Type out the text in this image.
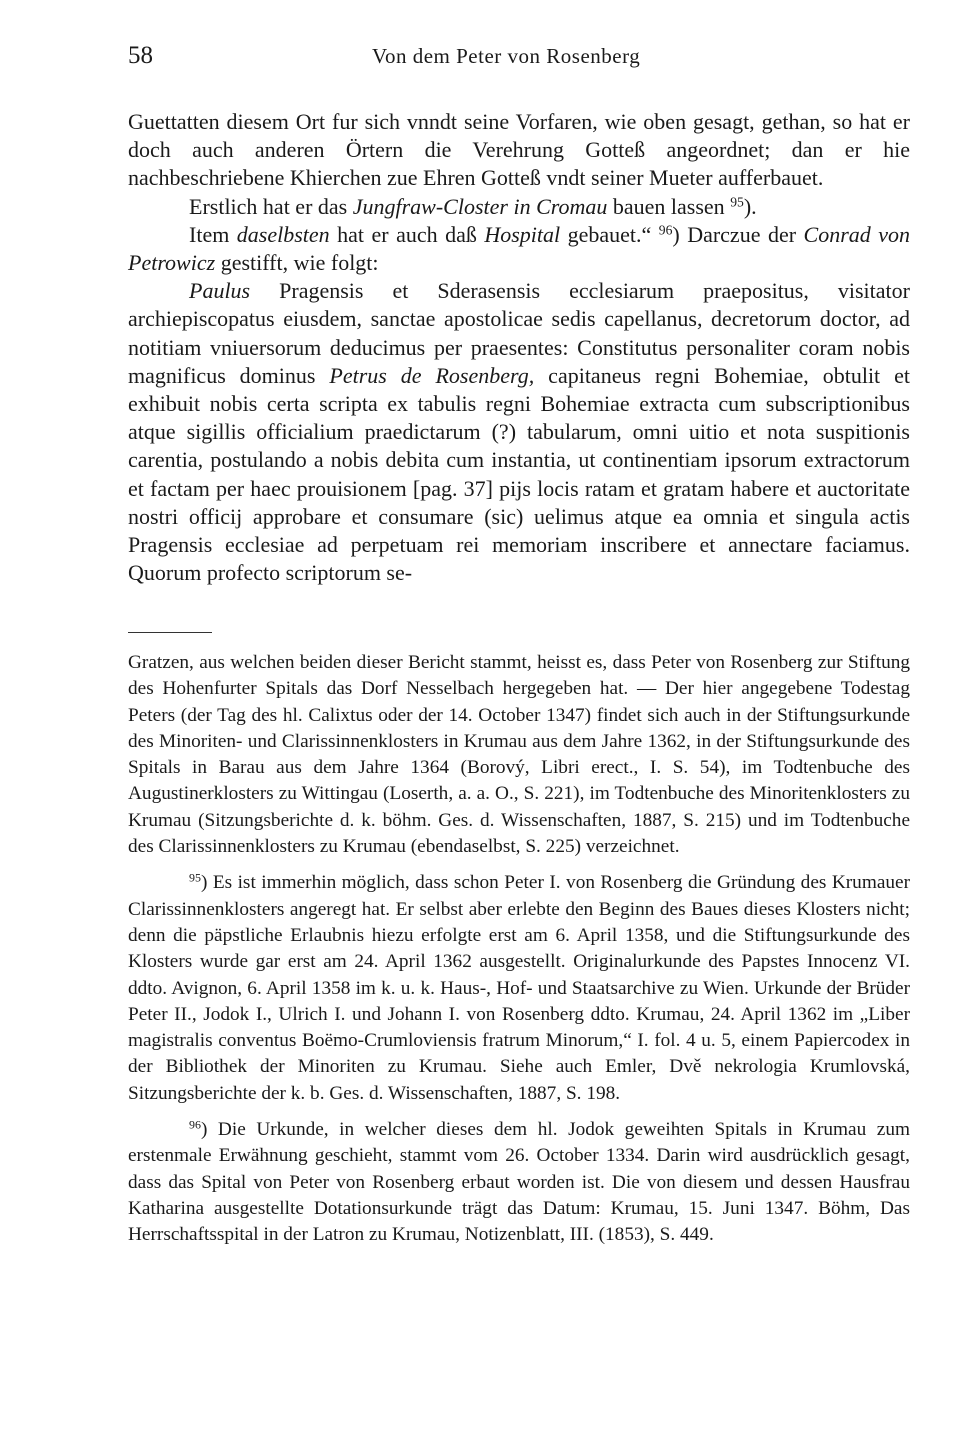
58	Von dem Peter von Rosenberg

Guettatten diesem Ort fur sich vnndt seine Vorfaren, wie oben gesagt, gethan, so hat er doch auch anderen Örtern die Verehrung Gotteß angeordnet; dan er hie nachbeschriebene Khierchen zue Ehren Gotteß vndt seiner Mueter aufferbauet.

Erstlich hat er das Jungfraw-Closter in Cromau bauen lassen $^{95}$).

Item daselbsten hat er auch daß Hospital gebauet.“ $^{96}$) Darczue der Conrad von Petrowicz gestifft, wie folgt:

Paulus Pragensis et Sderasensis ecclesiarum praepositus, visitator archiepiscopatus eiusdem, sanctae apostolicae sedis capellanus, decretorum doctor, ad notitiam vniuersorum deducimus per praesentes: Constitutus personaliter coram nobis magnificus dominus Petrus de Rosenberg, capitaneus regni Bohemiae, obtulit et exhibuit nobis certa scripta ex tabulis regni Bohemiae extracta cum subscriptionibus atque sigillis officialium praedictarum (?) tabularum, omni uitio et nota suspitionis carentia, postulando a nobis debita cum instantia, ut continentiam ipsorum extractorum et factam per haec prouisionem [pag. 37] pijs locis ratam et gratam habere et auctoritate nostri officij approbare et consumare (sic) uelimus atque ea omnia et singula actis Pragensis ecclesiae ad perpetuam rei memoriam inscribere et annectare faciamus. Quorum profecto scriptorum se-

Gratzen, aus welchen beiden dieser Bericht stammt, heisst es, dass Peter von Rosenberg zur Stiftung des Hohenfurter Spitals das Dorf Nesselbach hergegeben hat. — Der hier angegebene Todestag Peters (der Tag des hl. Calixtus oder der 14. October 1347) findet sich auch in der Stiftungsurkunde des Minoriten- und Clarissinnenklosters in Krumau aus dem Jahre 1362, in der Stiftungsurkunde des Spitals in Barau aus dem Jahre 1364 (Borový, Libri erect., I. S. 54), im Todtenbuche des Augustinerklosters zu Wittingau (Loserth, a. a. O., S. 221), im Todtenbuche des Minoritenklosters zu Krumau (Sitzungsberichte d. k. böhm. Ges. d. Wissenschaften, 1887, S. 215) und im Todtenbuche des Clarissinnenklosters zu Krumau (ebendaselbst, S. 225) verzeichnet.

$^{95}$) Es ist immerhin möglich, dass schon Peter I. von Rosenberg die Gründung des Krumauer Clarissinnenklosters angeregt hat. Er selbst aber erlebte den Beginn des Baues dieses Klosters nicht; denn die päpstliche Erlaubnis hiezu erfolgte erst am 6. April 1358, und die Stiftungsurkunde des Klosters wurde gar erst am 24. April 1362 ausgestellt. Originalurkunde des Papstes Innocenz VI. ddto. Avignon, 6. April 1358 im k. u. k. Haus-, Hof- und Staatsarchive zu Wien. Urkunde der Brüder Peter II., Jodok I., Ulrich I. und Johann I. von Rosenberg ddto. Krumau, 24. April 1362 im „Liber magistralis conventus Boëmo-Crumloviensis fratrum Minorum,“ I. fol. 4 u. 5, einem Papiercodex in der Bibliothek der Minoriten zu Krumau. Siehe auch Emler, Dvě nekrologia Krumlovská, Sitzungsberichte der k. b. Ges. d. Wissenschaften, 1887, S. 198.

$^{96}$) Die Urkunde, in welcher dieses dem hl. Jodok geweihten Spitals in Krumau zum erstenmale Erwähnung geschieht, stammt vom 26. October 1334. Darin wird ausdrücklich gesagt, dass das Spital von Peter von Rosenberg erbaut worden ist. Die von diesem und dessen Hausfrau Katharina ausgestellte Dotationsurkunde trägt das Datum: Krumau, 15. Juni 1347. Böhm, Das Herrschaftsspital in der Latron zu Krumau, Notizenblatt, III. (1853), S. 449.
